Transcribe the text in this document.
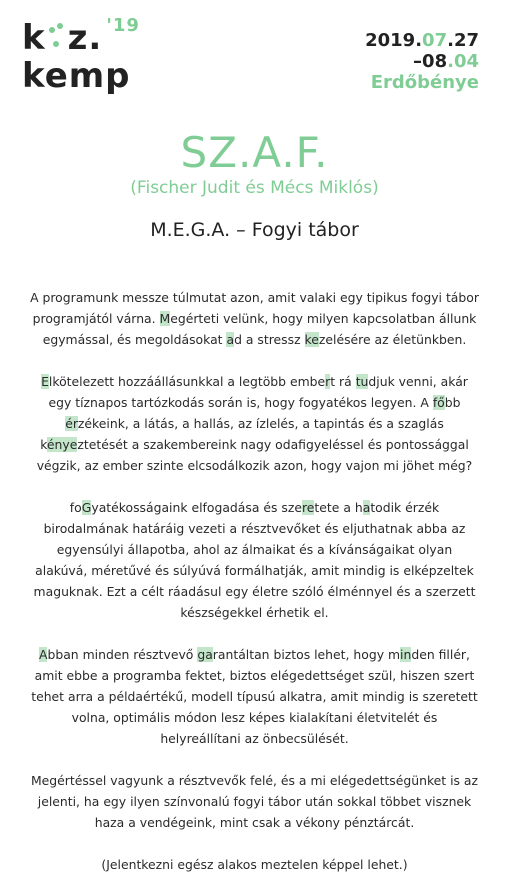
k z. $^{'19}$
kemp
2019.07.27
–08.04
Erdőbénye
SZ.A.F.
(Fischer Judit és Mécs Miklós)
M.E.G.A. – Fogyi tábor

A programunk messze túlmutat azon, amit valaki egy tipikus fogyi tábor programjától várna. Megérteti velünk, hogy milyen kapcsolatban állunk egymással, és megoldásokat ad a stressz kezelésére az életünkben.

Elkötelezett hozzáállásunkkal a legtöbb embert rá tudjuk venni, akár egy tíznapos tartózkodás során is, hogy fogyatékos legyen. A főbb érzékeink, a látás, a hallás, az ízlelés, a tapintás és a szaglás kényeztetését a szakembereink nagy odafigyeléssel és pontossággal végzik, az ember szinte elcsodálkozik azon, hogy vajon mi jöhet még?

foGyatékosságaink elfogadása és szeretete a hatodik érzék birodalmának határáig vezeti a résztvevőket és eljuthatnak abba az egyensúlyi állapotba, ahol az álmaikat és a kívánságaikat olyan alakúvá, méretűvé és súlyúvá formálhatják, amit mindig is elképzeltek maguknak. Ezt a célt ráadásul egy életre szóló élménnyel és a szerzett készségekkel érhetik el.

Abban minden résztvevő garantáltan biztos lehet, hogy minden fillér, amit ebbe a programba fektet, biztos elégedettséget szül, hiszen szert tehet arra a példaértékű, modell típusú alkatra, amit mindig is szeretett volna, optimális módon lesz képes kialakítani életvitelét és helyreállítani az önbecsülését.

Megértéssel vagyunk a résztvevők felé, és a mi elégedettségünket is az jelenti, ha egy ilyen színvonalú fogyi tábor után sokkal többet visznek haza a vendégeink, mint csak a vékony pénztárcát.

(Jelentkezni egész alakos meztelen képpel lehet.)
